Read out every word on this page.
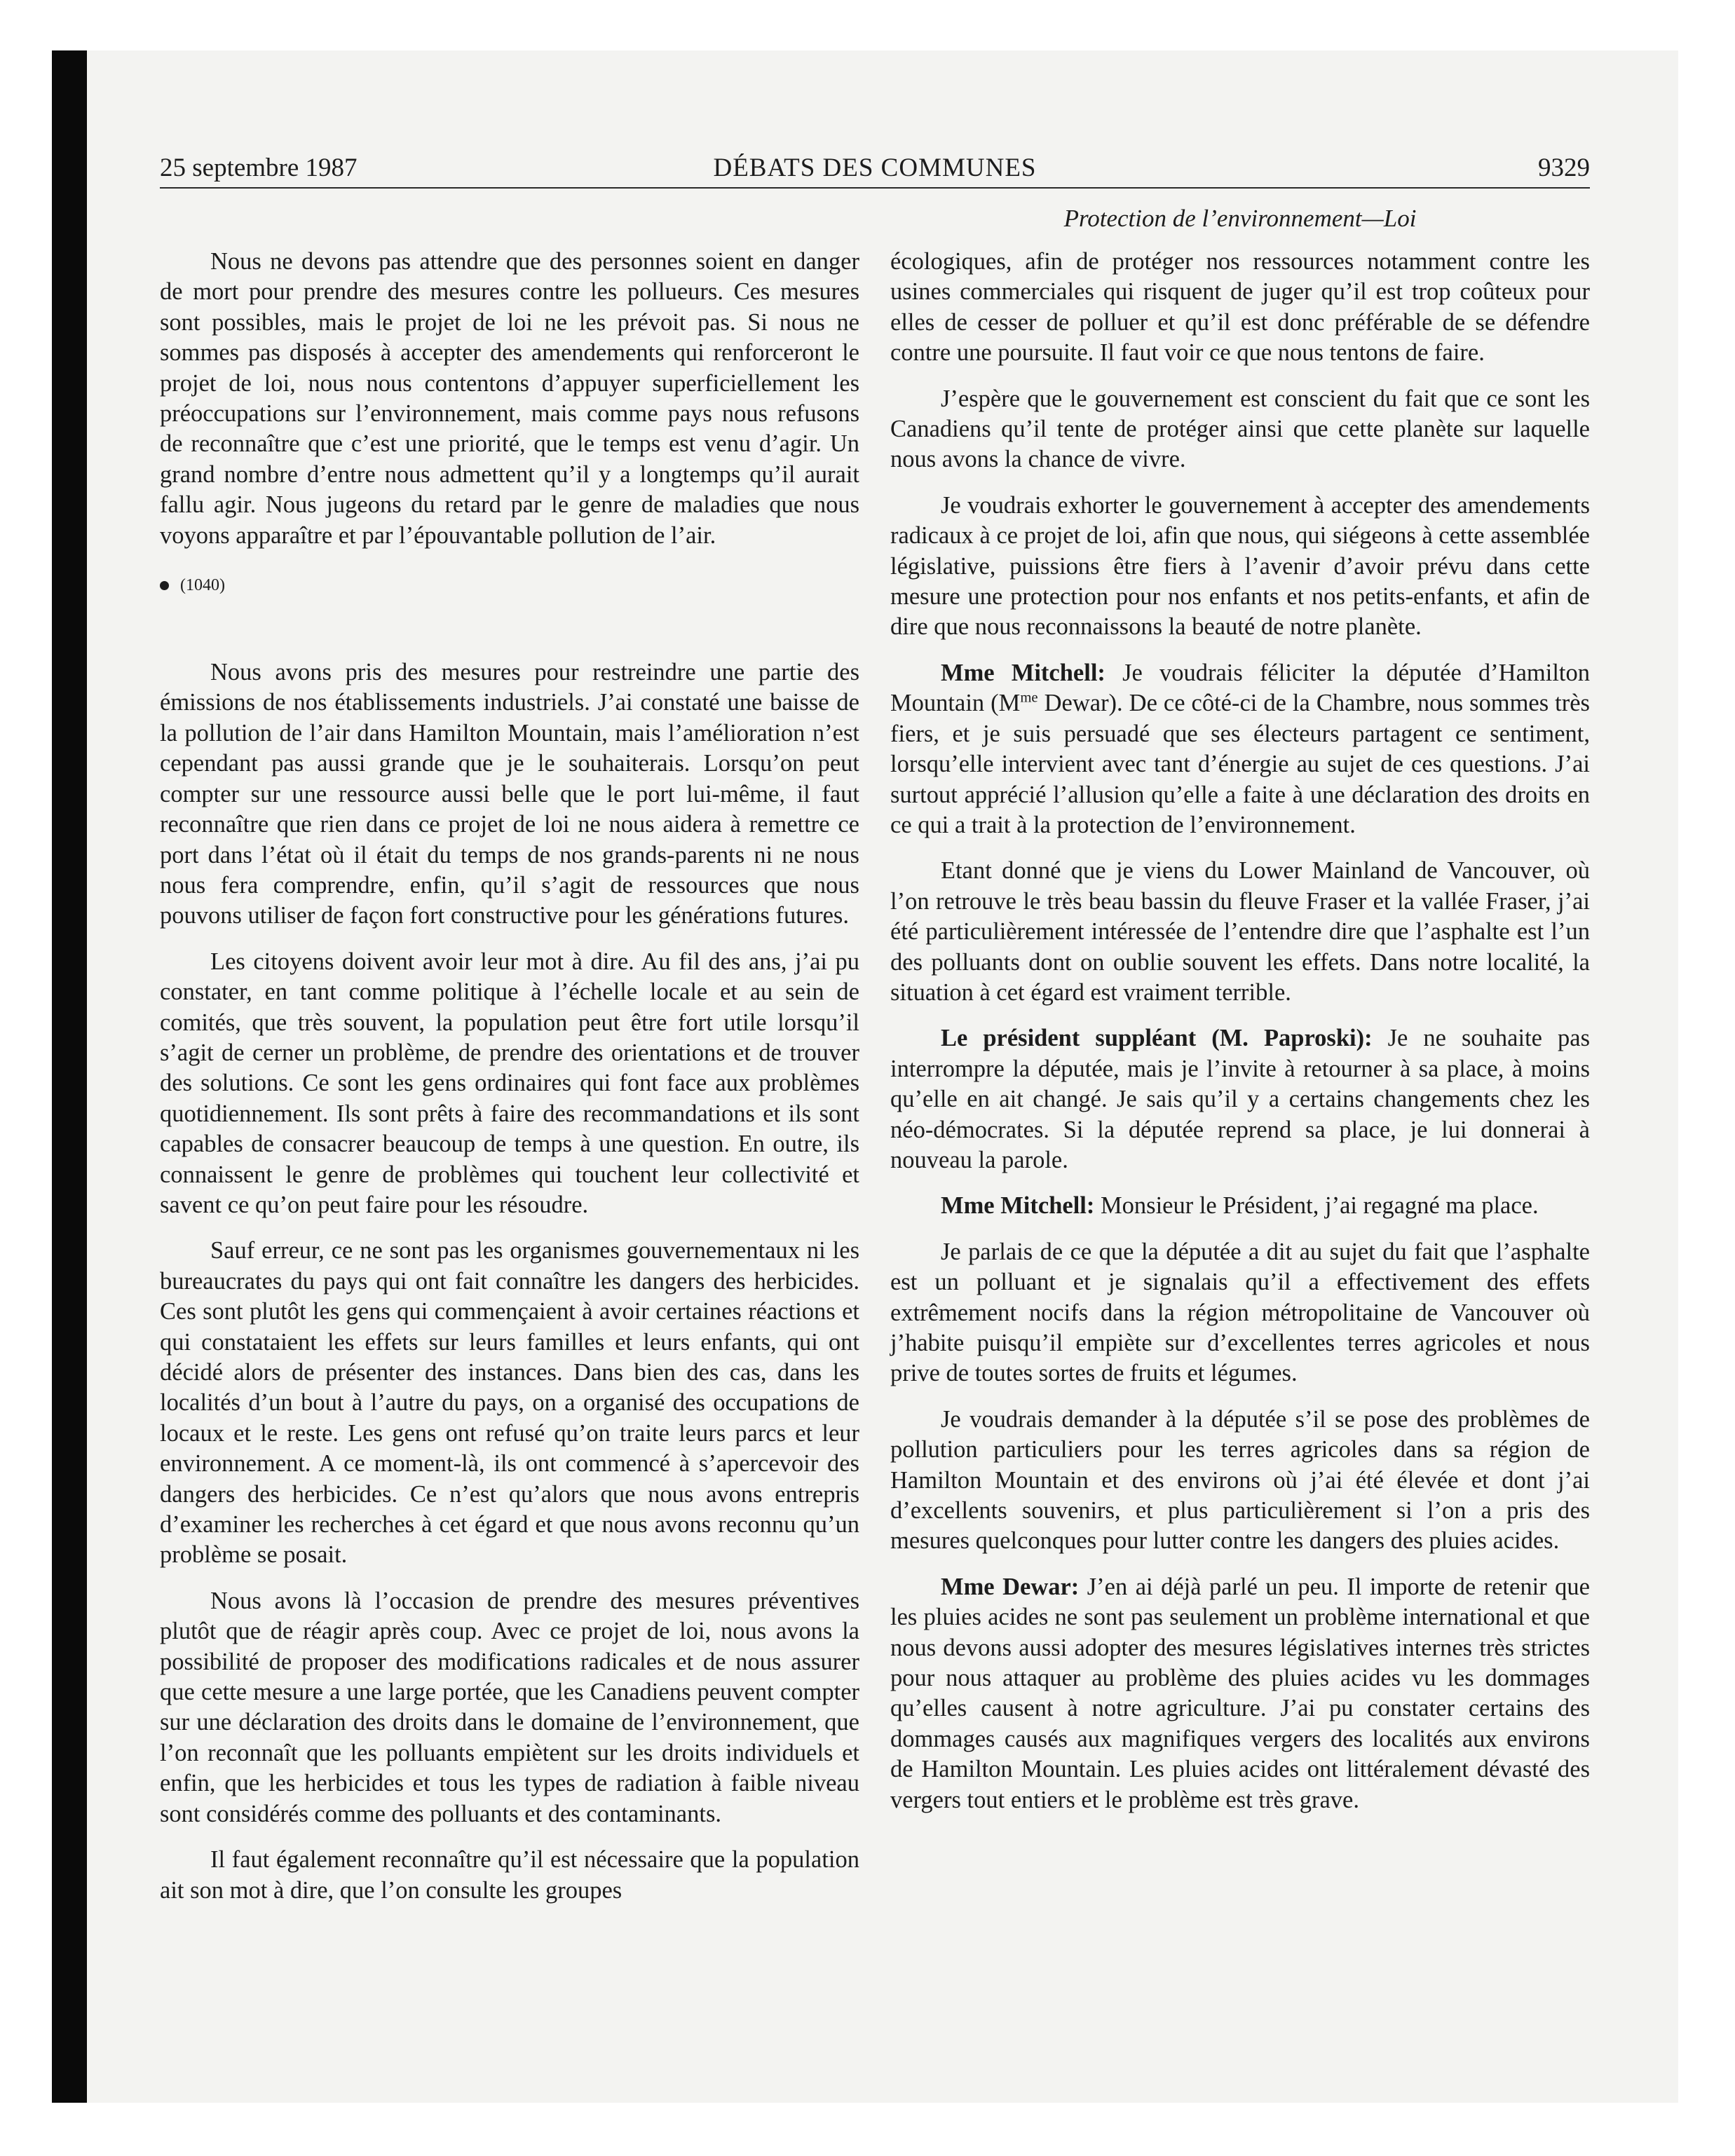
25 septembre 1987	DÉBATS DES COMMUNES	9329
Protection de l’environnement—Loi

Nous ne devons pas attendre que des personnes soient en danger de mort pour prendre des mesures contre les pollueurs. Ces mesures sont possibles, mais le projet de loi ne les prévoit pas. Si nous ne sommes pas disposés à accepter des amendements qui renforceront le projet de loi, nous nous contentons d’appuyer superficiellement les préoccupations sur l’environnement, mais comme pays nous refusons de reconnaître que c’est une priorité, que le temps est venu d’agir. Un grand nombre d’entre nous admettent qu’il y a longtemps qu’il aurait fallu agir. Nous jugeons du retard par le genre de maladies que nous voyons apparaître et par l’épouvantable pollution de l’air.

(1040)

Nous avons pris des mesures pour restreindre une partie des émissions de nos établissements industriels. J’ai constaté une baisse de la pollution de l’air dans Hamilton Mountain, mais l’amélioration n’est cependant pas aussi grande que je le souhaiterais. Lorsqu’on peut compter sur une ressource aussi belle que le port lui-même, il faut reconnaître que rien dans ce projet de loi ne nous aidera à remettre ce port dans l’état où il était du temps de nos grands-parents ni ne nous nous fera comprendre, enfin, qu’il s’agit de ressources que nous pouvons utiliser de façon fort constructive pour les générations futures.

Les citoyens doivent avoir leur mot à dire. Au fil des ans, j’ai pu constater, en tant comme politique à l’échelle locale et au sein de comités, que très souvent, la population peut être fort utile lorsqu’il s’agit de cerner un problème, de prendre des orientations et de trouver des solutions. Ce sont les gens ordinaires qui font face aux problèmes quotidiennement. Ils sont prêts à faire des recommandations et ils sont capables de consacrer beaucoup de temps à une question. En outre, ils connaissent le genre de problèmes qui touchent leur collectivité et savent ce qu’on peut faire pour les résoudre.

Sauf erreur, ce ne sont pas les organismes gouvernementaux ni les bureaucrates du pays qui ont fait connaître les dangers des herbicides. Ces sont plutôt les gens qui commençaient à avoir certaines réactions et qui constataient les effets sur leurs familles et leurs enfants, qui ont décidé alors de présenter des instances. Dans bien des cas, dans les localités d’un bout à l’autre du pays, on a organisé des occupations de locaux et le reste. Les gens ont refusé qu’on traite leurs parcs et leur environnement. A ce moment-là, ils ont commencé à s’apercevoir des dangers des herbicides. Ce n’est qu’alors que nous avons entrepris d’examiner les recherches à cet égard et que nous avons reconnu qu’un problème se posait.

Nous avons là l’occasion de prendre des mesures préventives plutôt que de réagir après coup. Avec ce projet de loi, nous avons la possibilité de proposer des modifications radicales et de nous assurer que cette mesure a une large portée, que les Canadiens peuvent compter sur une déclaration des droits dans le domaine de l’environnement, que l’on reconnaît que les polluants empiètent sur les droits individuels et enfin, que les herbicides et tous les types de radiation à faible niveau sont considérés comme des polluants et des contaminants.

Il faut également reconnaître qu’il est nécessaire que la population ait son mot à dire, que l’on consulte les groupes

écologiques, afin de protéger nos ressources notamment contre les usines commerciales qui risquent de juger qu’il est trop coûteux pour elles de cesser de polluer et qu’il est donc préférable de se défendre contre une poursuite. Il faut voir ce que nous tentons de faire.

J’espère que le gouvernement est conscient du fait que ce sont les Canadiens qu’il tente de protéger ainsi que cette planète sur laquelle nous avons la chance de vivre.

Je voudrais exhorter le gouvernement à accepter des amendements radicaux à ce projet de loi, afin que nous, qui siégeons à cette assemblée législative, puissions être fiers à l’avenir d’avoir prévu dans cette mesure une protection pour nos enfants et nos petits-enfants, et afin de dire que nous reconnaissons la beauté de notre planète.

Mme Mitchell: Je voudrais féliciter la députée d’Hamilton Mountain ($M^{me}$ Dewar). De ce côté-ci de la Chambre, nous sommes très fiers, et je suis persuadé que ses électeurs partagent ce sentiment, lorsqu’elle intervient avec tant d’énergie au sujet de ces questions. J’ai surtout apprécié l’allusion qu’elle a faite à une déclaration des droits en ce qui a trait à la protection de l’environnement.

Etant donné que je viens du Lower Mainland de Vancouver, où l’on retrouve le très beau bassin du fleuve Fraser et la vallée Fraser, j’ai été particulièrement intéressée de l’entendre dire que l’asphalte est l’un des polluants dont on oublie souvent les effets. Dans notre localité, la situation à cet égard est vraiment terrible.

Le président suppléant (M. Paproski): Je ne souhaite pas interrompre la députée, mais je l’invite à retourner à sa place, à moins qu’elle en ait changé. Je sais qu’il y a certains changements chez les néo-démocrates. Si la députée reprend sa place, je lui donnerai à nouveau la parole.

Mme Mitchell: Monsieur le Président, j’ai regagné ma place.

Je parlais de ce que la députée a dit au sujet du fait que l’asphalte est un polluant et je signalais qu’il a effectivement des effets extrêmement nocifs dans la région métropolitaine de Vancouver où j’habite puisqu’il empiète sur d’excellentes terres agricoles et nous prive de toutes sortes de fruits et légumes.

Je voudrais demander à la députée s’il se pose des problèmes de pollution particuliers pour les terres agricoles dans sa région de Hamilton Mountain et des environs où j’ai été élevée et dont j’ai d’excellents souvenirs, et plus particulièrement si l’on a pris des mesures quelconques pour lutter contre les dangers des pluies acides.

Mme Dewar: J’en ai déjà parlé un peu. Il importe de retenir que les pluies acides ne sont pas seulement un problème international et que nous devons aussi adopter des mesures législatives internes très strictes pour nous attaquer au problème des pluies acides vu les dommages qu’elles causent à notre agriculture. J’ai pu constater certains des dommages causés aux magnifiques vergers des localités aux environs de Hamilton Mountain. Les pluies acides ont littéralement dévasté des vergers tout entiers et le problème est très grave.
